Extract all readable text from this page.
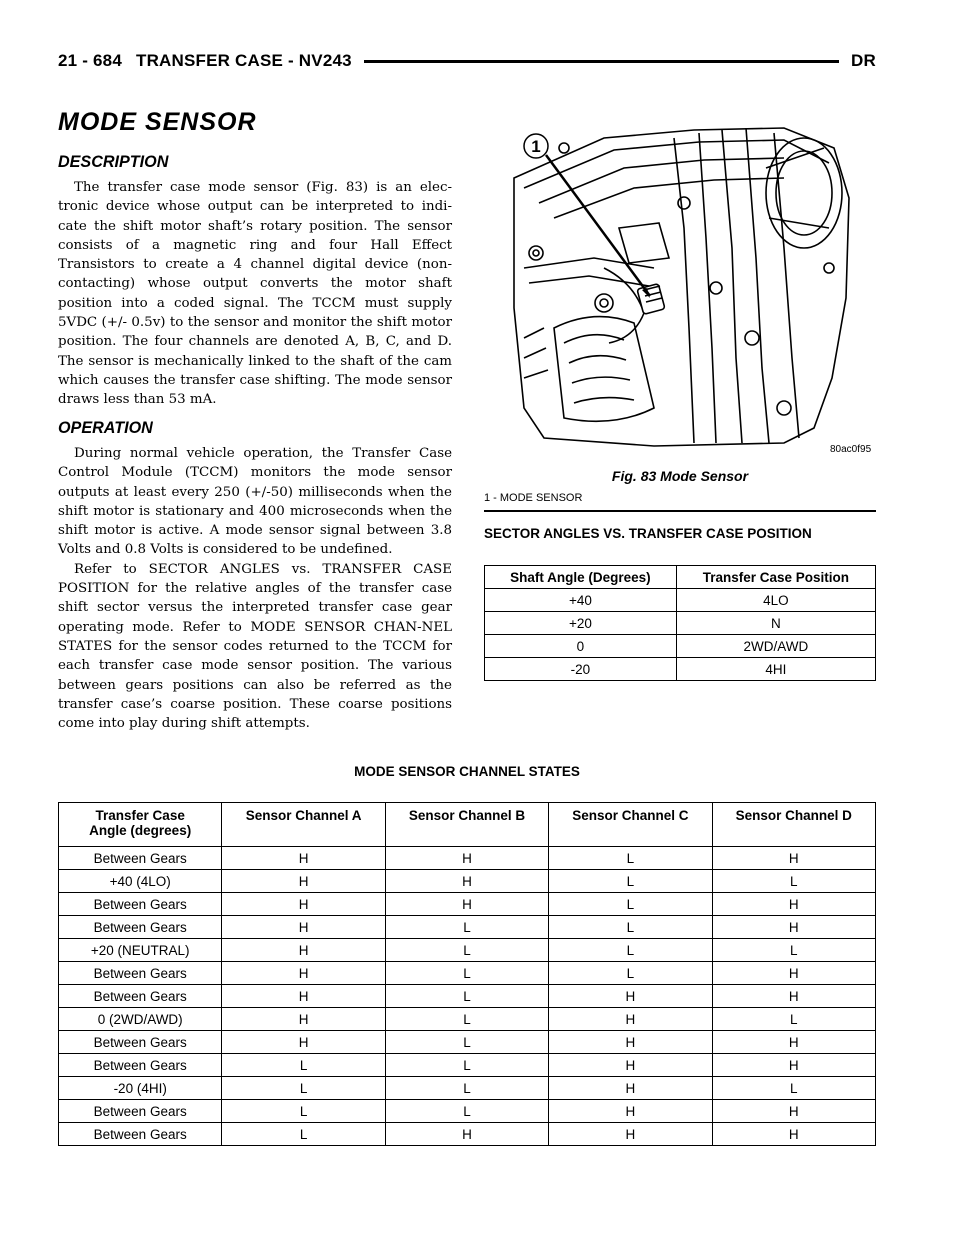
21 - 684 TRANSFER CASE - NV243	DR
MODE SENSOR
DESCRIPTION
The transfer case mode sensor (Fig. 83) is an elec-tronic device whose output can be interpreted to indi-cate the shift motor shaft’s rotary position. The sensor consists of a magnetic ring and four Hall Effect Transistors to create a 4 channel digital device (non-contacting) whose output converts the motor shaft position into a coded signal. The TCCM must supply 5VDC (+/- 0.5v) to the sensor and monitor the shift motor position. The four channels are denoted A, B, C, and D. The sensor is mechanically linked to the shaft of the cam which causes the transfer case shifting. The mode sensor draws less than 53 mA.
OPERATION

During normal vehicle operation, the Transfer Case Control Module (TCCM) monitors the mode sensor outputs at least every 250 (+/-50) milliseconds when the shift motor is stationary and 400 microseconds when the shift motor is active. A mode sensor signal between 3.8 Volts and 0.8 Volts is considered to be undefined.

Refer to SECTOR ANGLES vs. TRANSFER CASE POSITION for the relative angles of the transfer case shift sector versus the interpreted transfer case gear operating mode. Refer to MODE SENSOR CHAN-NEL STATES for the sensor codes returned to the TCCM for each transfer case mode sensor position. The various between gears positions can also be referred as the transfer case’s coarse position. These coarse positions come into play during shift attempts.

1
80ac0f95
Fig. 83 Mode Sensor
1 - MODE SENSOR
SECTOR ANGLES VS. TRANSFER CASE POSITION
Shaft Angle (Degrees)	Transfer Case Position
+40	4LO
+20	N
0	2WD/AWD
-20	4HI
MODE SENSOR CHANNEL STATES
Transfer Case
Angle (degrees)	Sensor Channel A	Sensor Channel B	Sensor Channel C	Sensor Channel D
Between Gears	H	H	L	H
+40 (4LO)	H	H	L	L
Between Gears	H	H	L	H
Between Gears	H	L	L	H
+20 (NEUTRAL)	H	L	L	L
Between Gears	H	L	L	H
Between Gears	H	L	H	H
0 (2WD/AWD)	H	L	H	L
Between Gears	H	L	H	H
Between Gears	L	L	H	H
-20 (4HI)	L	L	H	L
Between Gears	L	L	H	H
Between Gears	L	H	H	H
